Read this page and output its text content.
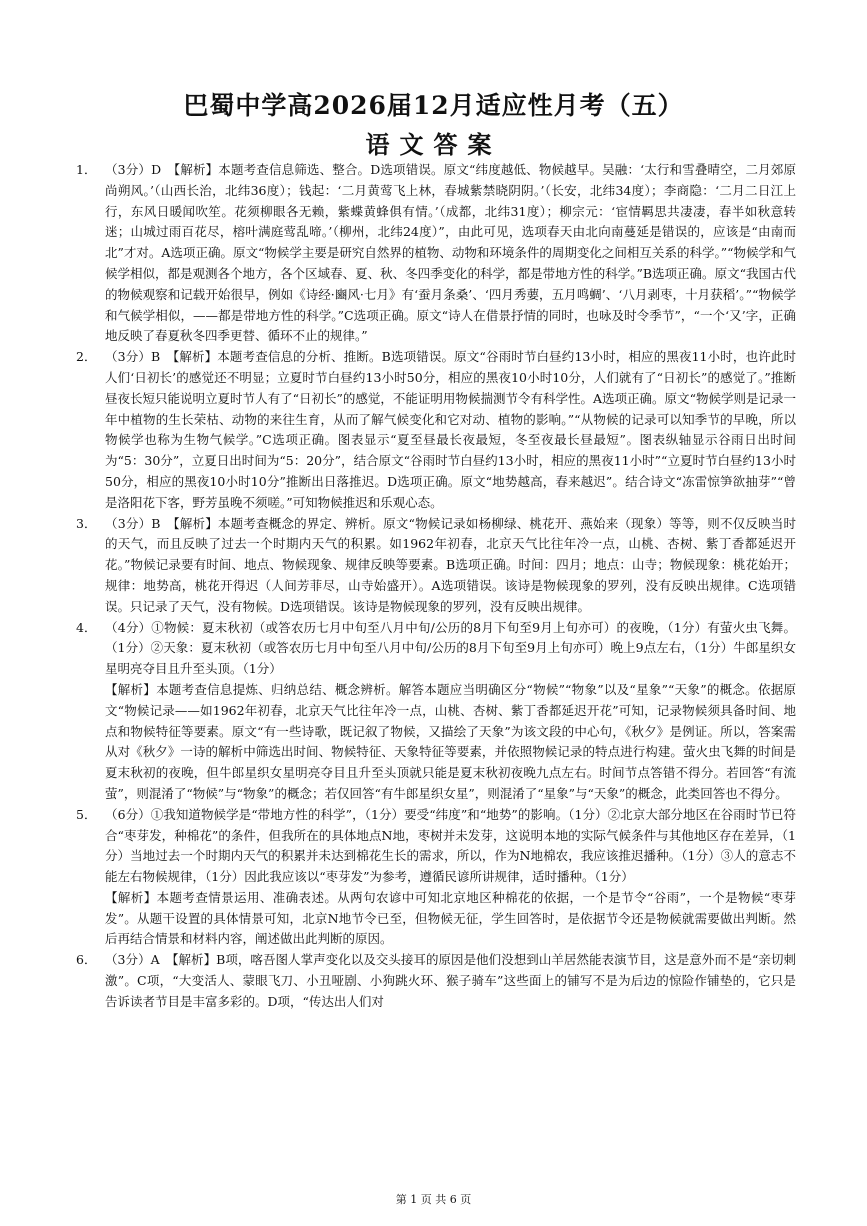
巴蜀中学高2026届12月适应性月考（五）
语文答案
1． （3分）D　【解析】本题考查信息筛选、整合。D选项错误。原文“纬度越低、物候越早。吴融：‘太行和雪叠晴空，二月郊原尚朔风。’（山西长治，北纬36度）；钱起：‘二月黄莺飞上林，春城紫禁晓阴阴。’（长安，北纬34度）；李商隐：‘二月二日江上行，东风日暖闻吹笙。花须柳眼各无赖，紫蝶黄蜂俱有情。’（成都，北纬31度）；柳宗元：‘宦情羁思共凄凄，春半如秋意转迷；山城过雨百花尽，榕叶满庭莺乱啼。’（柳州，北纬24度）”，由此可见，选项春天由北向南蔓延是错误的，应该是“由南而北”才对。A选项正确。原文“物候学主要是研究自然界的植物、动物和环境条件的周期变化之间相互关系的科学。”“物候学和气候学相似，都是观测各个地方，各个区域春、夏、秋、冬四季变化的科学，都是带地方性的科学。”B选项正确。原文“我国古代的物候观察和记载开始很早，例如《诗经·豳风·七月》有‘蚕月条桑’、‘四月秀葽，五月鸣蜩’、‘八月剥枣，十月获稻’。”“物候学和气候学相似，——都是带地方性的科学。”C选项正确。原文“诗人在借景抒情的同时，也咏及时令季节”，“一个‘又’字，正确地反映了春夏秋冬四季更替、循环不止的规律。”

2． （3分）B　【解析】本题考查信息的分析、推断。B选项错误。原文“谷雨时节白昼约13小时，相应的黑夜11小时，也许此时人们‘日初长’的感觉还不明显；立夏时节白昼约13小时50分，相应的黑夜10小时10分，人们就有了“日初长”的感觉了。”推断昼夜长短只能说明立夏时节人有了“日初长”的感觉，不能证明用物候揣测节令有科学性。A选项正确。原文“物候学则是记录一年中植物的生长荣枯、动物的来往生育，从而了解气候变化和它对动、植物的影响。”“从物候的记录可以知季节的早晚，所以物候学也称为生物气候学。”C选项正确。图表显示“夏至昼最长夜最短，冬至夜最长昼最短”。图表纵轴显示谷雨日出时间为“5：30分”，立夏日出时间为“5：20分”，结合原文“谷雨时节白昼约13小时，相应的黑夜11小时”“立夏时节白昼约13小时50分，相应的黑夜10小时10分”推断出日落推迟。D选项正确。原文“地势越高，春来越迟”。结合诗文“冻雷惊笋欲抽芽”“曾是洛阳花下客，野芳虽晚不须嗟。”可知物候推迟和乐观心态。

3． （3分）B　【解析】本题考查概念的界定、辨析。原文“物候记录如杨柳绿、桃花开、燕始来（现象）等等，则不仅反映当时的天气，而且反映了过去一个时期内天气的积累。如1962年初春，北京天气比往年冷一点，山桃、杏树、紫丁香都延迟开花。”物候记录要有时间、地点、物候现象、规律反映等要素。B选项正确。时间：四月；地点：山寺；物候现象：桃花始开；规律：地势高，桃花开得迟（人间芳菲尽，山寺始盛开）。A选项错误。该诗是物候现象的罗列，没有反映出规律。C选项错误。只记录了天气，没有物候。D选项错误。该诗是物候现象的罗列，没有反映出规律。

4． （4分）①物候：夏末秋初（或答农历七月中旬至八月中旬/公历的8月下旬至9月上旬亦可）的夜晚，（1分）有萤火虫飞舞。（1分）②天象：夏末秋初（或答农历七月中旬至八月中旬/公历的8月下旬至9月上旬亦可）晚上9点左右，（1分）牛郎星织女星明亮夺目且升至头顶。（1分）

【解析】本题考查信息提炼、归纳总结、概念辨析。解答本题应当明确区分“物候”“物象”以及“星象”“天象”的概念。依据原文“物候记录——如1962年初春，北京天气比往年冷一点，山桃、杏树、紫丁香都延迟开花”可知，记录物候须具备时间、地点和物候特征等要素。原文“有一些诗歌，既记叙了物候，又描绘了天象”为该文段的中心句，《秋夕》是例证。所以，答案需从对《秋夕》一诗的解析中筛选出时间、物候特征、天象特征等要素，并依照物候记录的特点进行构建。萤火虫飞舞的时间是夏末秋初的夜晚，但牛郎星织女星明亮夺目且升至头顶就只能是夏末秋初夜晚九点左右。时间节点答错不得分。若回答“有流萤”，则混淆了“物候”与“物象”的概念；若仅回答“有牛郎星织女星”，则混淆了“星象”与“天象”的概念，此类回答也不得分。

5． （6分）①我知道物候学是“带地方性的科学”，（1分）要受“纬度”和“地势”的影响。（1分）②北京大部分地区在谷雨时节已符合“枣芽发，种棉花”的条件，但我所在的具体地点N地，枣树并未发芽，这说明本地的实际气候条件与其他地区存在差异，（1分）当地过去一个时期内天气的积累并未达到棉花生长的需求，所以，作为N地棉农，我应该推迟播种。（1分）③人的意志不能左右物候规律，（1分）因此我应该以“枣芽发”为参考，遵循民谚所讲规律，适时播种。（1分）

【解析】本题考查情景运用、准确表述。从两句农谚中可知北京地区种棉花的依据，一个是节令“谷雨”，一个是物候“枣芽发”。从题干设置的具体情景可知，北京N地节令已至，但物候无征，学生回答时，是依据节令还是物候就需要做出判断。然后再结合情景和材料内容，阐述做出此判断的原因。

6． （3分）A　【解析】B项，喀吾图人掌声变化以及交头接耳的原因是他们没想到山羊居然能表演节目，这是意外而不是“亲切刺激”。C项，“大变活人、蒙眼飞刀、小丑哑剧、小狗跳火环、猴子骑车”这些面上的铺写不是为后边的惊险作铺垫的，它只是告诉读者节目是丰富多彩的。D项，“传达出人们对

第 1 页 共 6 页
